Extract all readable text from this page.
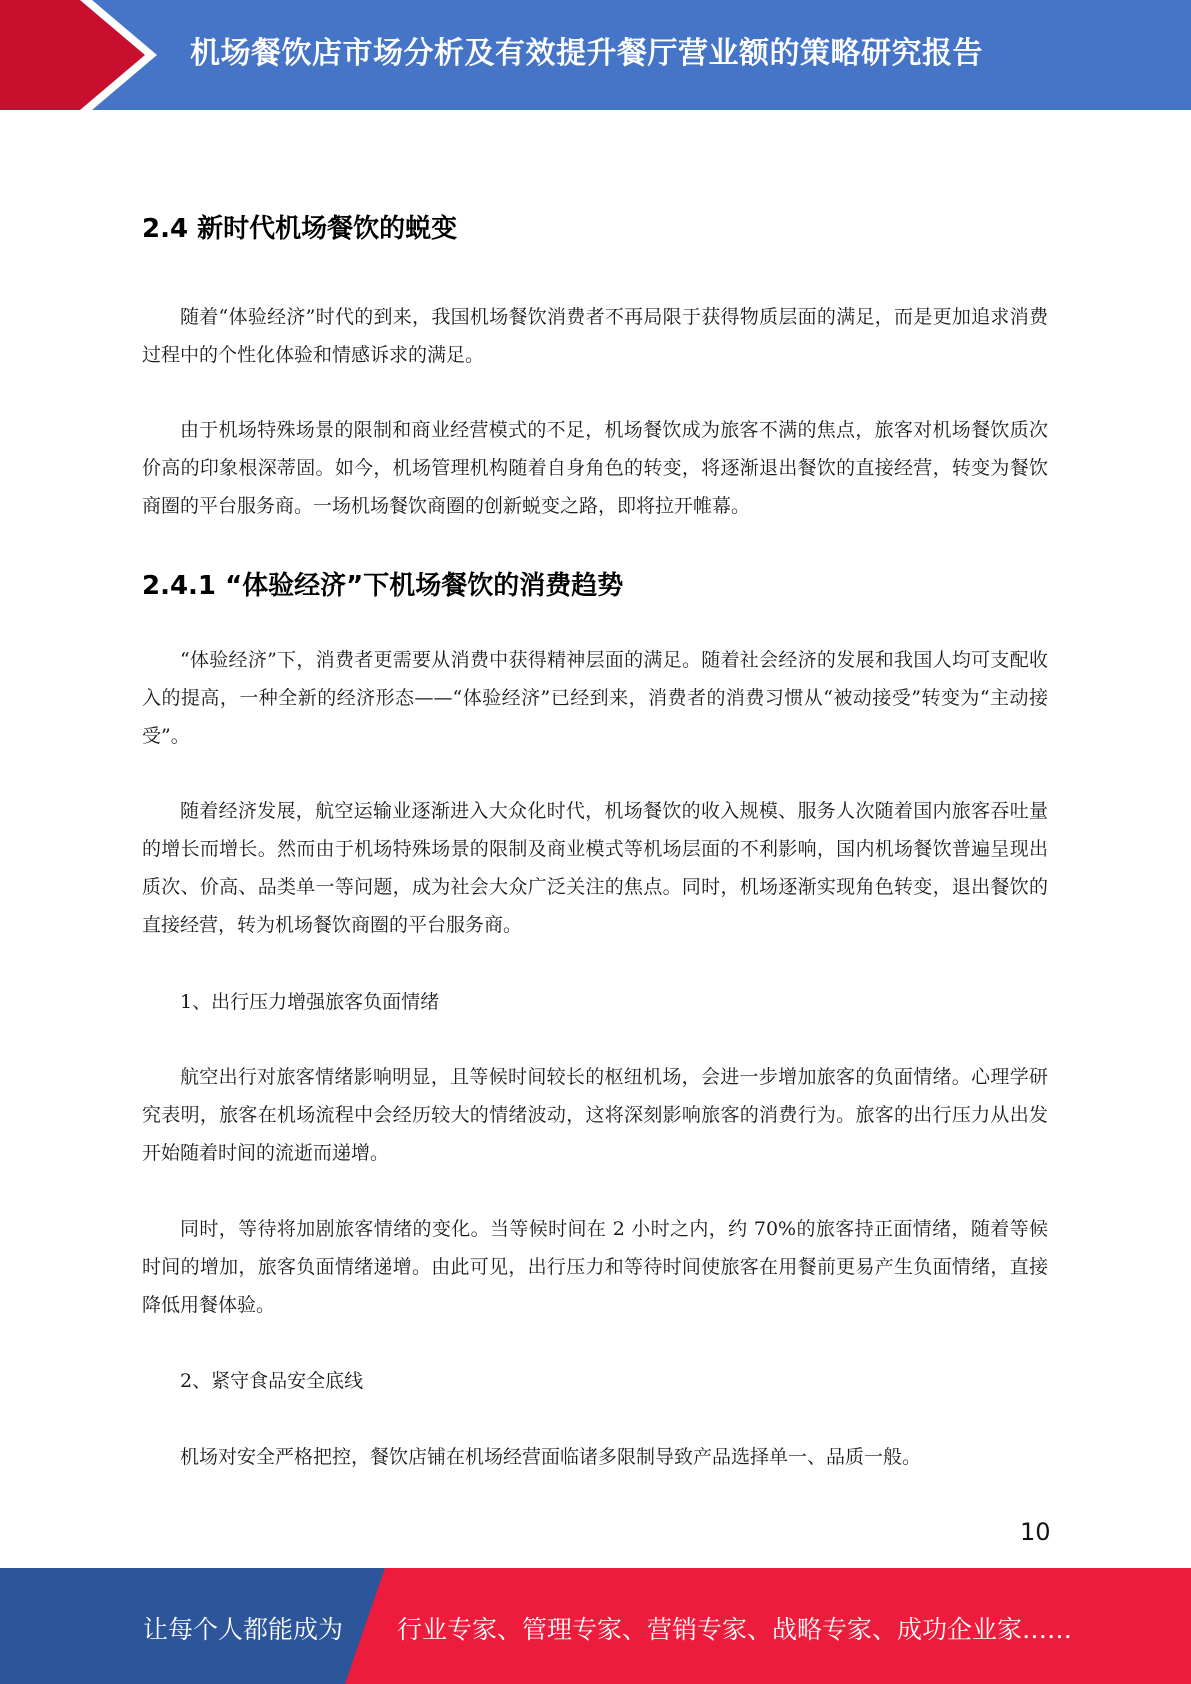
机场餐饮店市场分析及有效提升餐厅营业额的策略研究报告
2.4 新时代机场餐饮的蜕变

随着“体验经济”时代的到来，我国机场餐饮消费者不再局限于获得物质层面的满足，而是更加追求消费过程中的个性化体验和情感诉求的满足。

由于机场特殊场景的限制和商业经营模式的不足，机场餐饮成为旅客不满的焦点，旅客对机场餐饮质次价高的印象根深蒂固。如今，机场管理机构随着自身角色的转变，将逐渐退出餐饮的直接经营，转变为餐饮商圈的平台服务商。一场机场餐饮商圈的创新蜕变之路，即将拉开帷幕。

2.4.1 “体验经济”下机场餐饮的消费趋势

“体验经济”下，消费者更需要从消费中获得精神层面的满足。随着社会经济的发展和我国人均可支配收入的提高，一种全新的经济形态——“体验经济”已经到来，消费者的消费习惯从“被动接受”转变为“主动接受”。

随着经济发展，航空运输业逐渐进入大众化时代，机场餐饮的收入规模、服务人次随着国内旅客吞吐量的增长而增长。然而由于机场特殊场景的限制及商业模式等机场层面的不利影响，国内机场餐饮普遍呈现出质次、价高、品类单一等问题，成为社会大众广泛关注的焦点。同时，机场逐渐实现角色转变，退出餐饮的直接经营，转为机场餐饮商圈的平台服务商。

1、出行压力增强旅客负面情绪

航空出行对旅客情绪影响明显，且等候时间较长的枢纽机场，会进一步增加旅客的负面情绪。心理学研究表明，旅客在机场流程中会经历较大的情绪波动，这将深刻影响旅客的消费行为。旅客的出行压力从出发开始随着时间的流逝而递增。

同时，等待将加剧旅客情绪的变化。当等候时间在 2 小时之内，约 70%的旅客持正面情绪，随着等候时间的增加，旅客负面情绪递增。由此可见，出行压力和等待时间使旅客在用餐前更易产生负面情绪，直接降低用餐体验。

2、紧守食品安全底线

机场对安全严格把控，餐饮店铺在机场经营面临诸多限制导致产品选择单一、品质一般。

10
让每个人都能成为 行业专家、管理专家、营销专家、战略专家、成功企业家……
